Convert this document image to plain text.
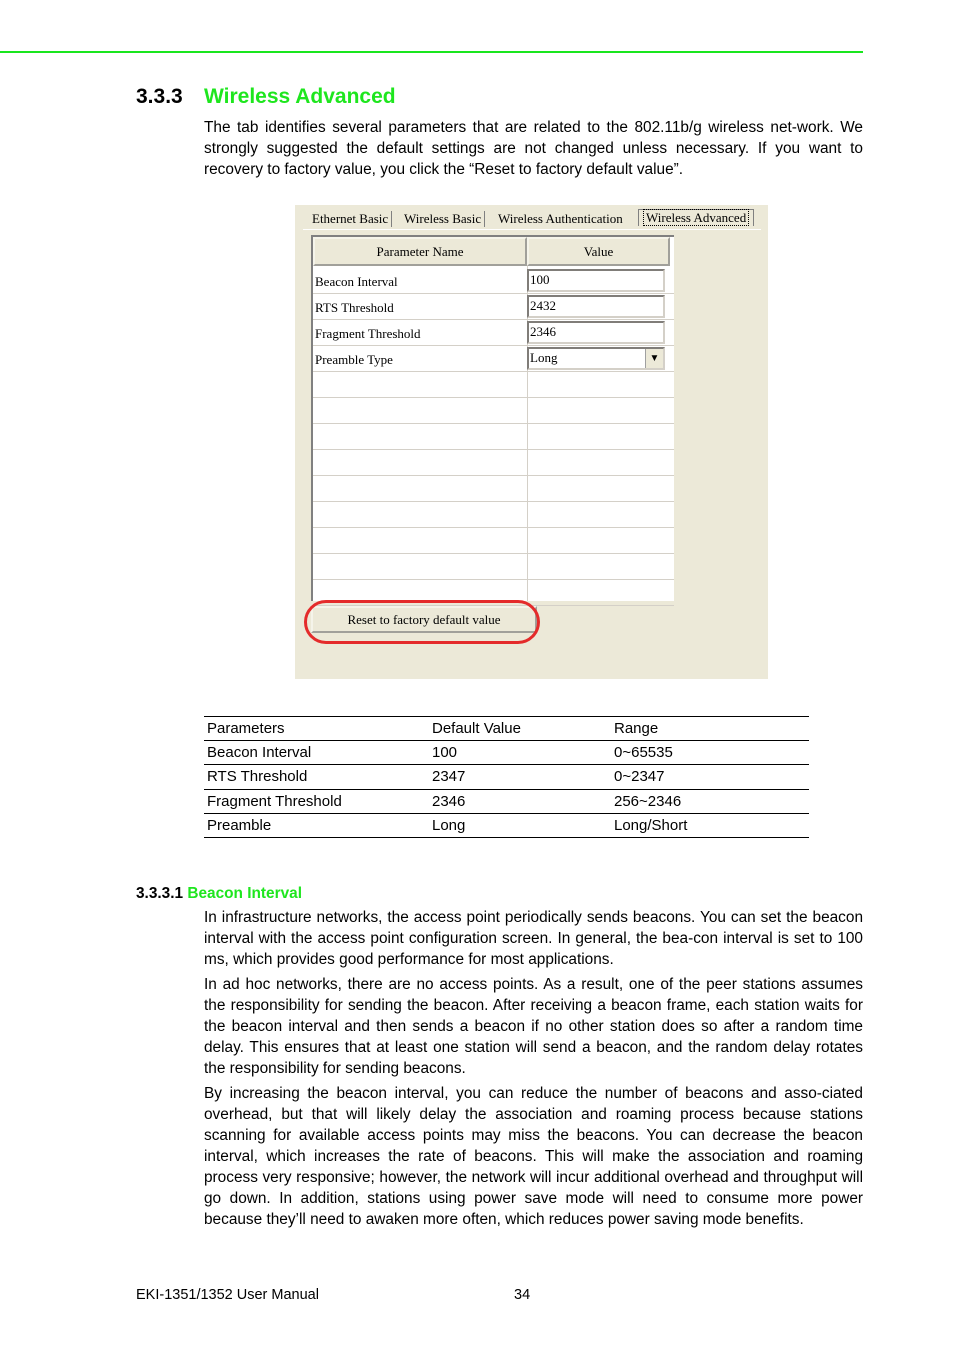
3.3.3 Wireless Advanced
The tab identifies several parameters that are related to the 802.11b/g wireless net-work. We strongly suggested the default settings are not changed unless necessary. If you want to recovery to factory value, you click the “Reset to factory default value”.
Ethernet Basic	Wireless Basic	Wireless Authentication	Wireless Advanced
Parameter Name	Value
Beacon Interval	100
RTS Threshold	2432
Fragment Threshold	2346
Preamble Type	Long	▼
Reset to factory default value
Parameters	Default Value	Range
Beacon Interval	100	0~65535
RTS Threshold	2347	0~2347
Fragment Threshold	2346	256~2346
Preamble	Long	Long/Short
3.3.3.1 Beacon Interval
In infrastructure networks, the access point periodically sends beacons. You can set the beacon interval with the access point configuration screen. In general, the bea-con interval is set to 100 ms, which provides good performance for most applications.
In ad hoc networks, there are no access points. As a result, one of the peer stations assumes the responsibility for sending the beacon. After receiving a beacon frame, each station waits for the beacon interval and then sends a beacon if no other station does so after a random time delay. This ensures that at least one station will send a beacon, and the random delay rotates the responsibility for sending beacons.
By increasing the beacon interval, you can reduce the number of beacons and asso-ciated overhead, but that will likely delay the association and roaming process because stations scanning for available access points may miss the beacons. You can decrease the beacon interval, which increases the rate of beacons. This will make the association and roaming process very responsive; however, the network will incur additional overhead and throughput will go down. In addition, stations using power save mode will need to consume more power because they’ll need to awaken more often, which reduces power saving mode benefits.
EKI-1351/1352 User Manual	34
